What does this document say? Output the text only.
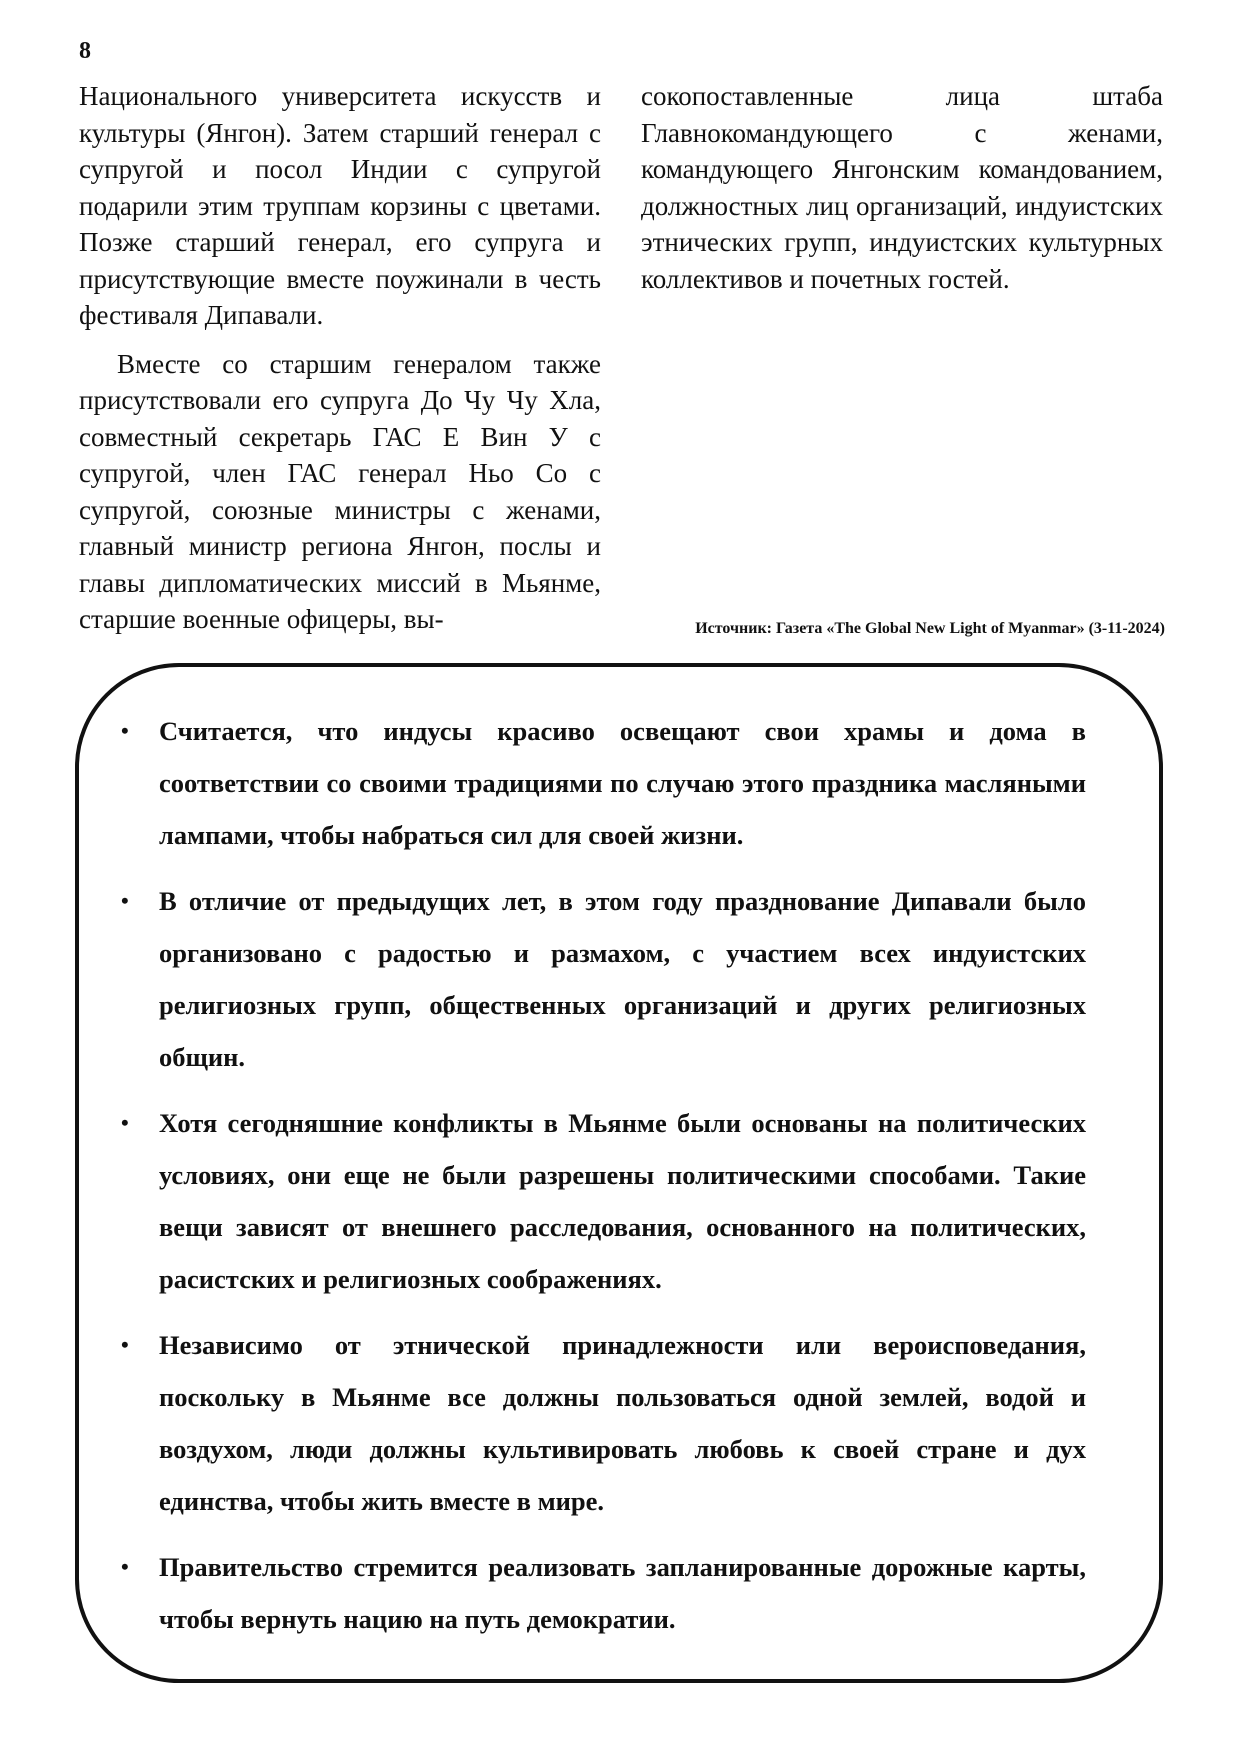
8

Национального университета искусств и культуры (Янгон). Затем старший генерал с супругой и посол Индии с супругой подарили этим труппам корзины с цветами. Позже старший генерал, его супруга и присутствующие вместе поужинали в честь фестиваля Дипавали.

Вместе со старшим генералом также присутствовали его супруга До Чу Чу Хла, совместный секретарь ГАС Е Вин У с супругой, член ГАС генерал Ньо Со с супругой, союзные министры с женами, главный министр региона Янгон, послы и главы дипломатических миссий в Мьянме, старшие военные офицеры, вы-

сокопоставленные лица штаба Главнокомандующего с женами, командующего Янгонским командованием, должностных лиц организаций, индуистских этнических групп, индуистских культурных коллективов и почетных гостей.

Источник: Газета «The Global New Light of Myanmar» (3-11-2024)
• Считается, что индусы красиво освещают свои храмы и дома в соответствии со своими традициями по случаю этого праздника масляными лампами, чтобы набраться сил для своей жизни.
• В отличие от предыдущих лет, в этом году празднование Дипавали было организовано с радостью и размахом, с участием всех индуистских религиозных групп, общественных организаций и других религиозных общин.
• Хотя сегодняшние конфликты в Мьянме были основаны на политических условиях, они еще не были разрешены политическими способами. Такие вещи зависят от внешнего расследования, основанного на политических, расистских и религиозных соображениях.
• Независимо от этнической принадлежности или вероисповедания, поскольку в Мьянме все должны пользоваться одной землей, водой и воздухом, люди должны культивировать любовь к своей стране и дух единства, чтобы жить вместе в мире.
• Правительство стремится реализовать запланированные дорожные карты, чтобы вернуть нацию на путь демократии.
